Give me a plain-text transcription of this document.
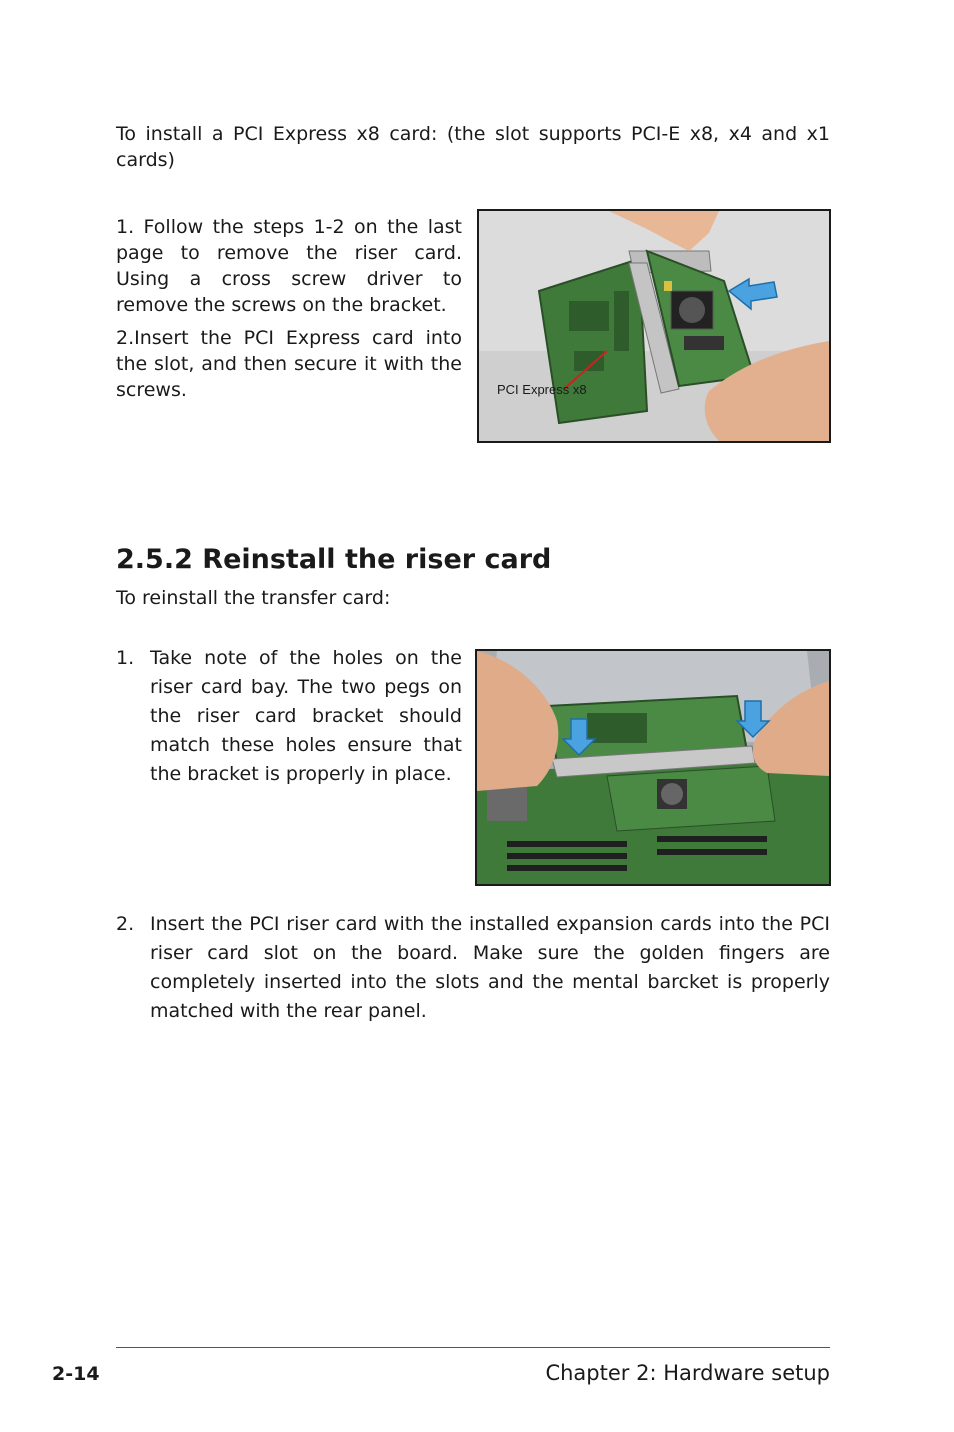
To install a PCI Express x8 card: (the slot supports PCI-E x8, x4 and x1 cards)

1. Follow the steps 1-2 on the last page to remove the riser card. Using a cross screw driver to remove the screws on the bracket.

2.Insert the PCI Express card into the slot, and then secure it with the screws.	PCI Express x8
2.5.2 Reinstall the riser card

To reinstall the transfer card:

1. Take note of the holes on the riser card bay. The two pegs on the riser card bracket should match these holes ensure that the bracket is properly in place.
2. Insert the PCI riser card with the installed expansion cards into the PCI riser card slot on the board. Make sure the golden fingers are completely inserted into the slots and the mental barcket is properly matched with the rear panel.
2-14	Chapter 2: Hardware setup
